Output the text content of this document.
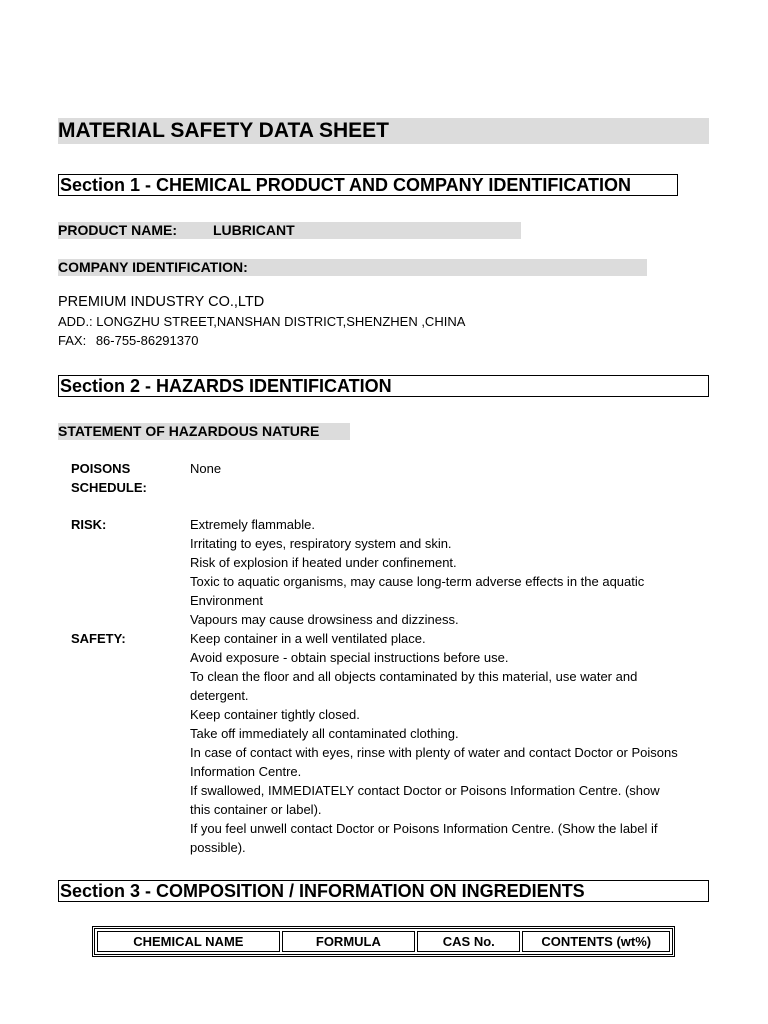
MATERIAL SAFETY DATA SHEET
Section 1 - CHEMICAL PRODUCT AND COMPANY IDENTIFICATION
PRODUCT NAME:	LUBRICANT
COMPANY IDENTIFICATION:
PREMIUM INDUSTRY CO.,LTD
ADD.: LONGZHU STREET,NANSHAN DISTRICT,SHENZHEN ,CHINA
FAX: 86-755-86291370
Section 2 - HAZARDS IDENTIFICATION
STATEMENT OF HAZARDOUS NATURE
POISONS
SCHEDULE:
None
RISK:	Extremely flammable.
Irritating to eyes, respiratory system and skin.
Risk of explosion if heated under confinement.
Toxic to aquatic organisms, may cause long-term adverse effects in the aquatic
Environment
Vapours may cause drowsiness and dizziness.
SAFETY:	Keep container in a well ventilated place.
Avoid exposure - obtain special instructions before use.
To clean the floor and all objects contaminated by this material, use water and
detergent.
Keep container tightly closed.
Take off immediately all contaminated clothing.
In case of contact with eyes, rinse with plenty of water and contact Doctor or Poisons
Information Centre.
If swallowed, IMMEDIATELY contact Doctor or Poisons Information Centre. (show
this container or label).
If you feel unwell contact Doctor or Poisons Information Centre. (Show the label if
possible).
Section 3 - COMPOSITION / INFORMATION ON INGREDIENTS
CHEMICAL NAME	FORMULA	CAS No.	CONTENTS (wt%)
